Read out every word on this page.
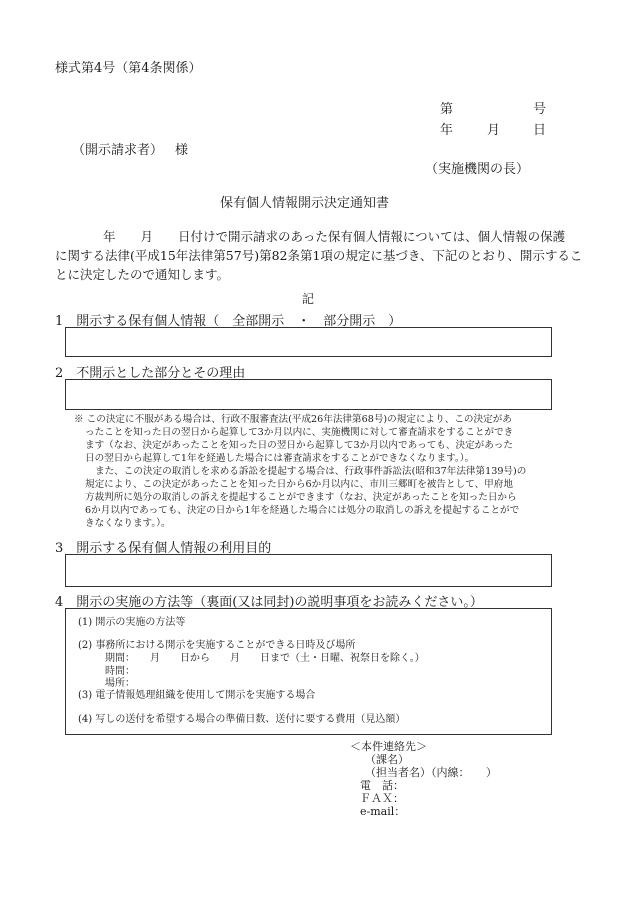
様式第4号（第4条関係）
第	号
年	月	日
（開示請求者） 様
（実施機関の長）
保有個人情報開示決定通知書
年　　月　　日付けで開示請求のあった保有個人情報については、個人情報の保護
に関する法律(平成15年法律第57号)第82条第1項の規定に基づき、下記のとおり、開示するこ
とに決定したので通知します。
記
1　開示する保有個人情報（　全部開示　・　部分開示　）
2　不開示とした部分とその理由
※ この決定に不服がある場合は、行政不服審査法(平成26年法律第68号)の規定により、この決定があ
ったことを知った日の翌日から起算して3か月以内に、実施機関に対して審査請求をすることができ
ます（なお、決定があったことを知った日の翌日から起算して3か月以内であっても、決定があった
日の翌日から起算して1年を経過した場合には審査請求をすることができなくなります。）。
また、この決定の取消しを求める訴訟を提起する場合は、行政事件訴訟法(昭和37年法律第139号)の
規定により、この決定があったことを知った日から6か月以内に、市川三郷町を被告として、甲府地
方裁判所に処分の取消しの訴えを提起することができます（なお、決定があったことを知った日から
6か月以内であっても、決定の日から1年を経過した場合には処分の取消しの訴えを提起することがで
きなくなります。）。
3　開示する保有個人情報の利用目的
4　開示の実施の方法等（裏面(又は同封)の説明事項をお読みください。）
(1) 開示の実施の方法等
(2) 事務所における開示を実施することができる日時及び場所
期間：　　月　　日から　　月　　日まで（土・日曜、祝祭日を除く。）
時間：
場所：
(3) 電子情報処理組織を使用して開示を実施する場合
(4) 写しの送付を希望する場合の準備日数、送付に要する費用（見込額）
＜本件連絡先＞
（課名）
（担当者名）（内線：　　）
電　話：
ＦＡＸ：
e-mail：
